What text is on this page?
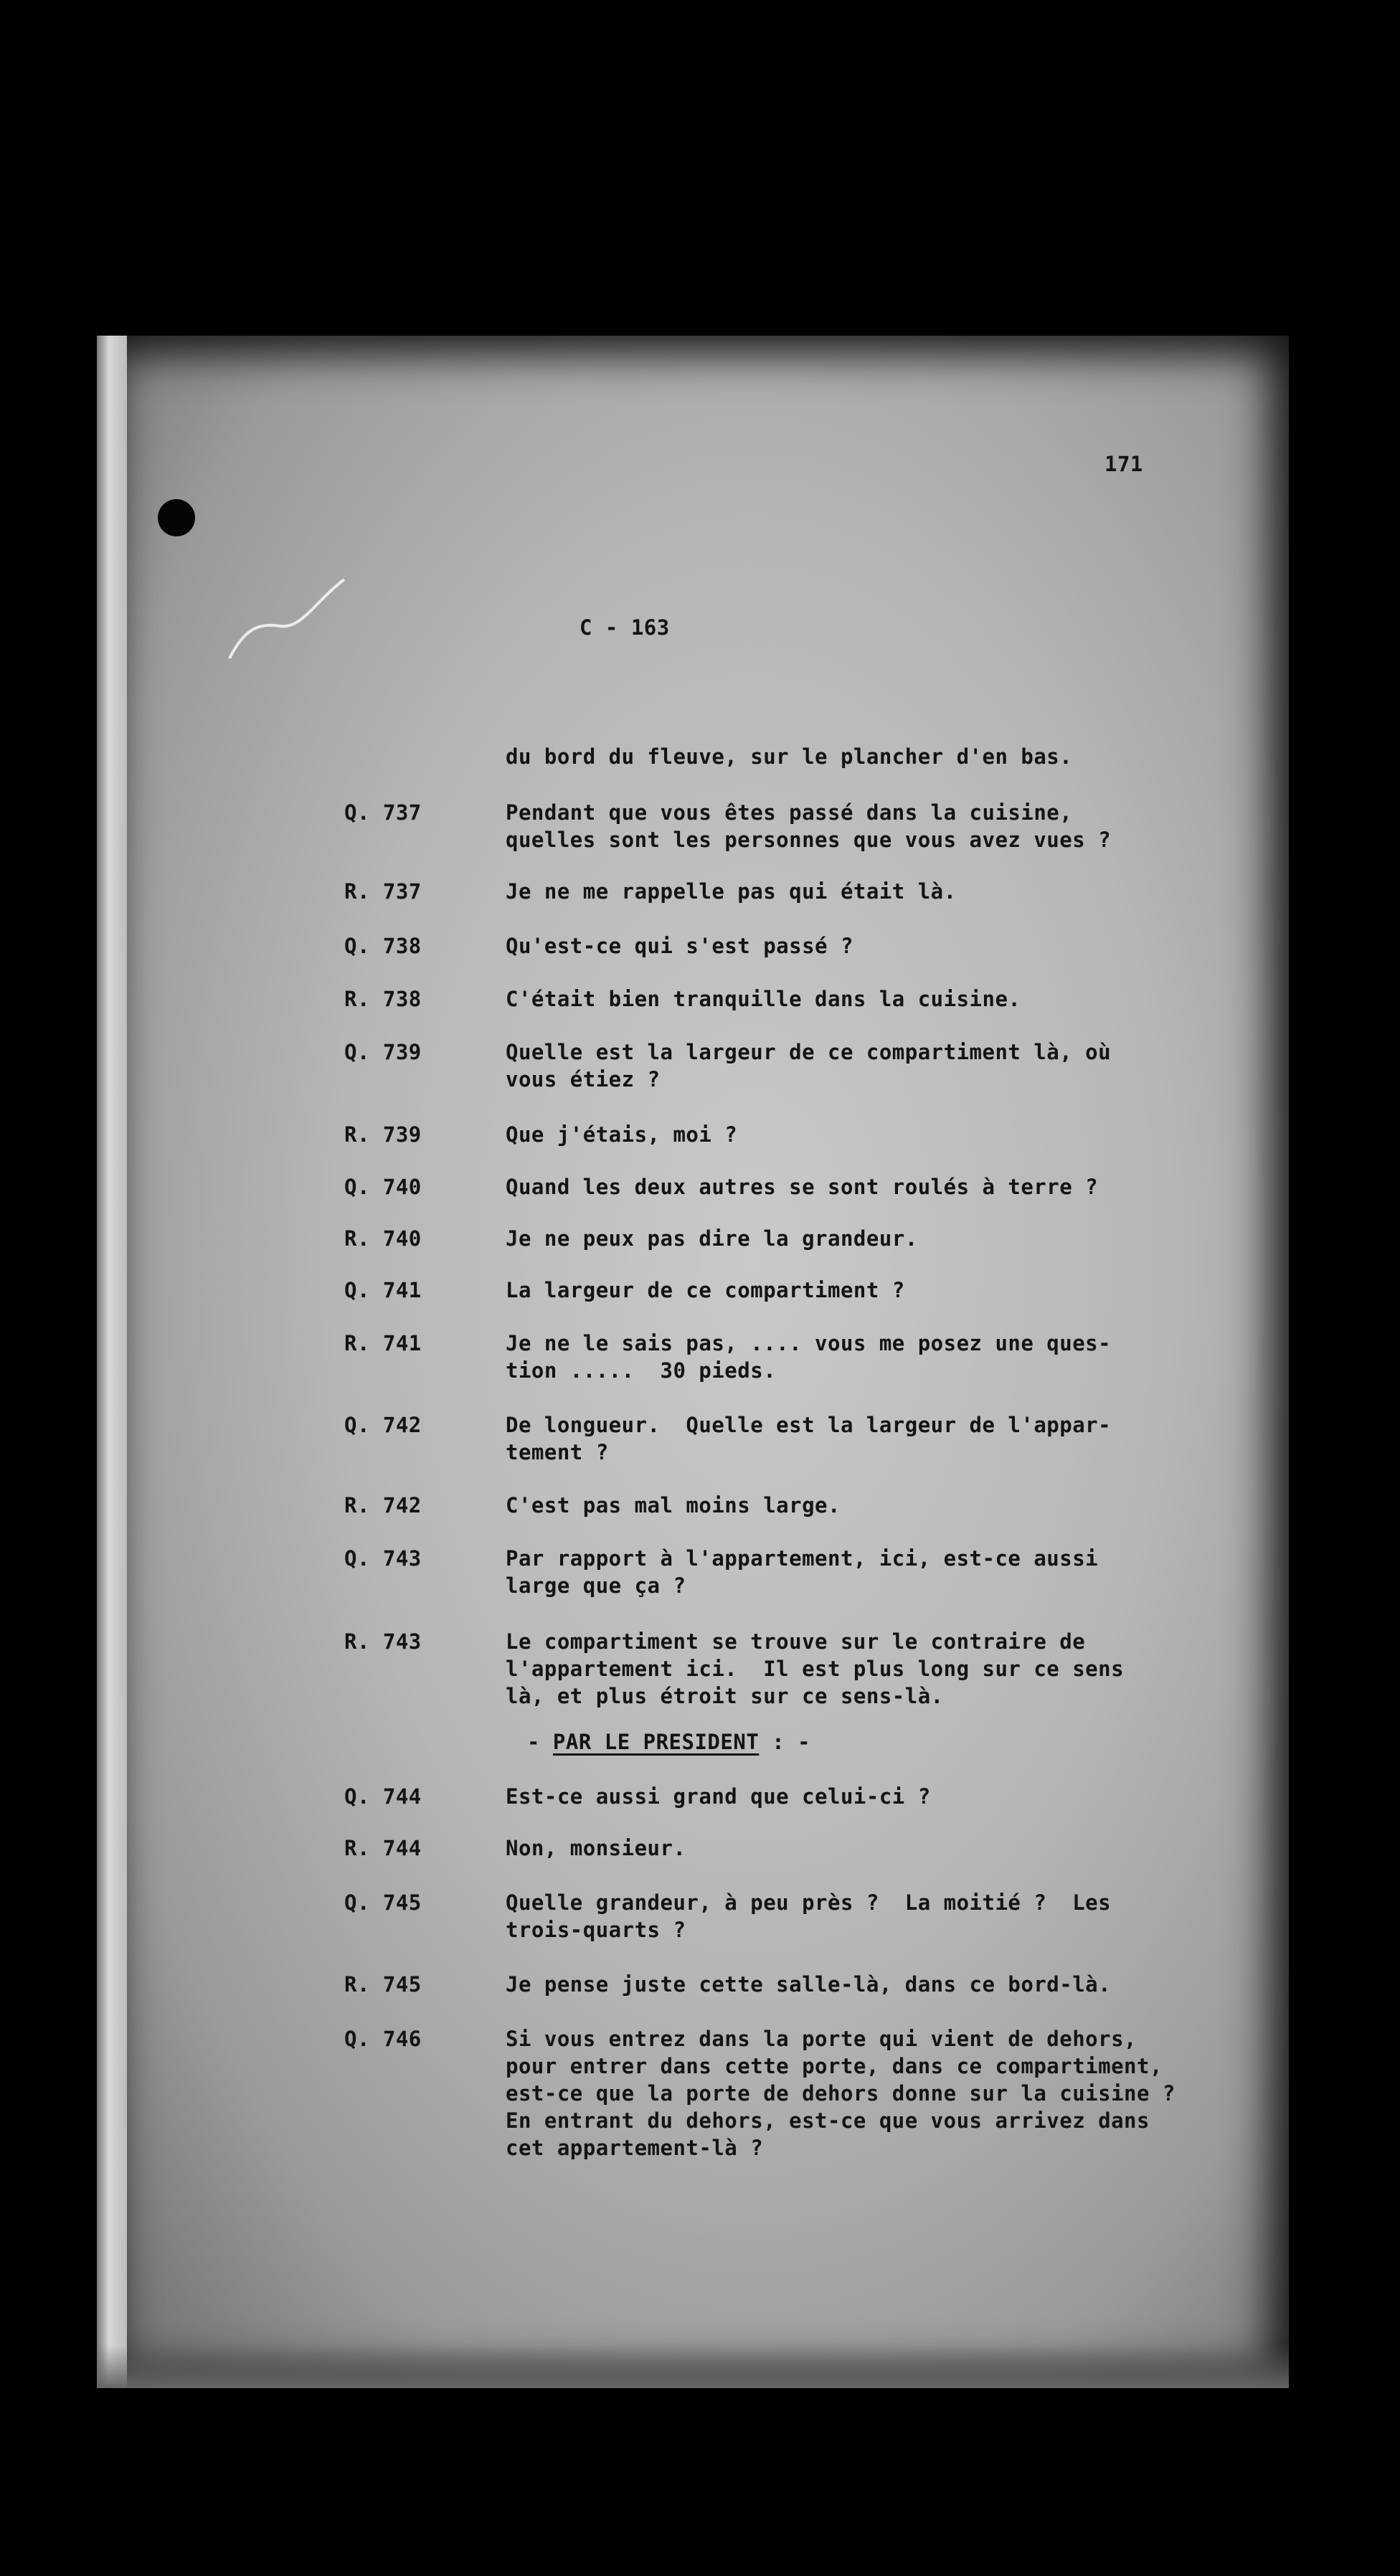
171
C - 163
du bord du fleuve, sur le plancher d'en bas.
Q. 737	Pendant que vous êtes passé dans la cuisine,
quelles sont les personnes que vous avez vues ?
R. 737	Je ne me rappelle pas qui était là.
Q. 738	Qu'est-ce qui s'est passé ?
R. 738	C'était bien tranquille dans la cuisine.
Q. 739	Quelle est la largeur de ce compartiment là, où
vous étiez ?
R. 739	Que j'étais, moi ?
Q. 740	Quand les deux autres se sont roulés à terre ?
R. 740	Je ne peux pas dire la grandeur.
Q. 741	La largeur de ce compartiment ?
R. 741	Je ne le sais pas, .... vous me posez une ques-
tion .....  30 pieds.
Q. 742	De longueur.  Quelle est la largeur de l'appar-
tement ?
R. 742	C'est pas mal moins large.
Q. 743	Par rapport à l'appartement, ici, est-ce aussi
large que ça ?
R. 743	Le compartiment se trouve sur le contraire de
l'appartement ici.  Il est plus long sur ce sens
là, et plus étroit sur ce sens-là.
- PAR LE PRESIDENT : -
Q. 744	Est-ce aussi grand que celui-ci ?
R. 744	Non, monsieur.
Q. 745	Quelle grandeur, à peu près ?  La moitié ?  Les
trois-quarts ?
R. 745	Je pense juste cette salle-là, dans ce bord-là.
Q. 746	Si vous entrez dans la porte qui vient de dehors,
pour entrer dans cette porte, dans ce compartiment,
est-ce que la porte de dehors donne sur la cuisine ?
En entrant du dehors, est-ce que vous arrivez dans
cet appartement-là ?
